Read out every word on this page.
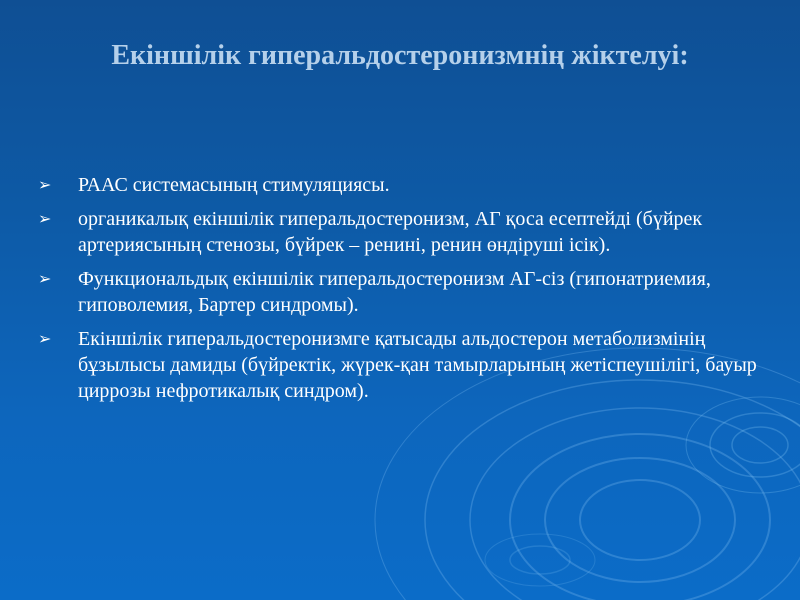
Екіншілік гиперальдостеронизмнің жіктелуі:
➢ РААС системасының стимуляциясы.
➢ органикалық екіншілік гиперальдостеронизм, АГ қоса есептейді (бүйрек артериясының стенозы, бүйрек – ренині, ренин өндіруші ісік).
➢ Функциональдық екіншілік гиперальдостеронизм АГ-сіз (гипонатриемия, гиповолемия, Бартер синдромы).
➢ Екіншілік гиперальдостеронизмге қатысады альдостерон метаболизмінің бұзылысы дамиды (бүйректік, жүрек-қан тамырларының жетіспеушілігі, бауыр циррозы нефротикалық синдром).
